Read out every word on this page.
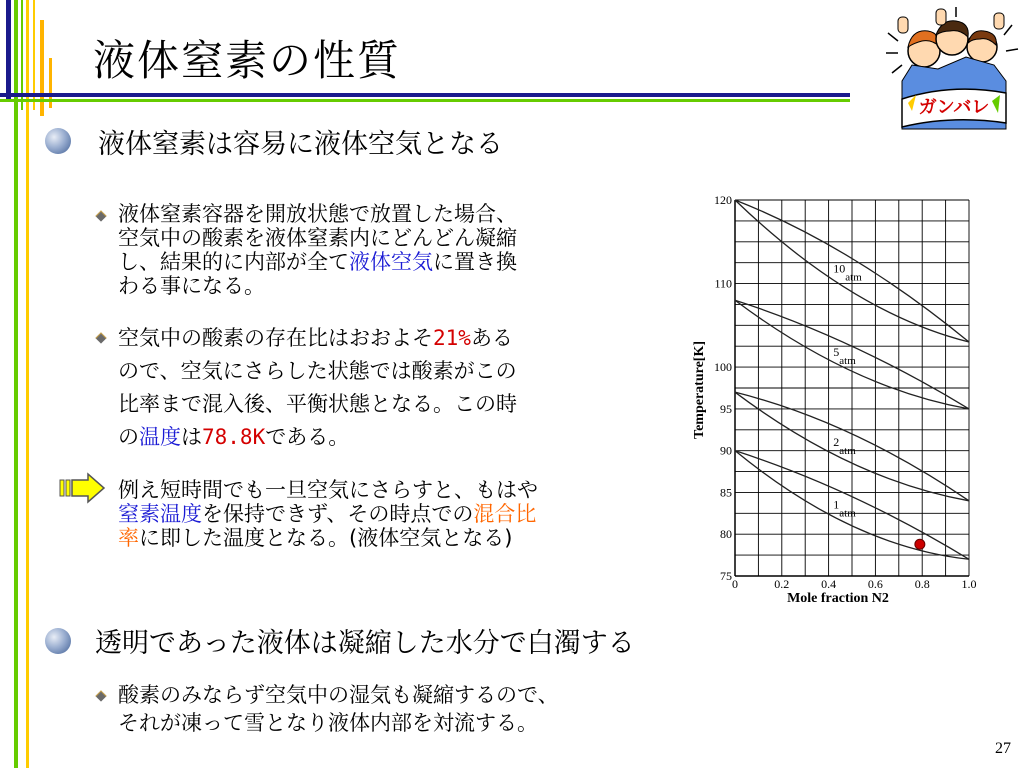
液体窒素の性質
ガンバレ
液体窒素は容易に液体空気となる
液体窒素容器を開放状態で放置した場合、
空気中の酸素を液体窒素内にどんどん凝縮
し、結果的に内部が全て液体空気に置き換
わる事になる。
空気中の酸素の存在比はおおよそ21%ある
ので、空気にさらした状態では酸素がこの
比率まで混入後、平衡状態となる。この時
の温度は78.8Kである。
例え短時間でも一旦空気にさらすと、もはや
窒素温度を保持できず、その時点での混合比
率に即した温度となる。(液体空気となる)
0	0.2	0.4	0.6	0.8	1.0
75
80
85
90
95
100
110
120
10atm
5atm
2atm
1atm
Mole fraction N2
Temperature[K]
透明であった液体は凝縮した水分で白濁する
酸素のみならず空気中の湿気も凝縮するので、
それが凍って雪となり液体内部を対流する。
27
